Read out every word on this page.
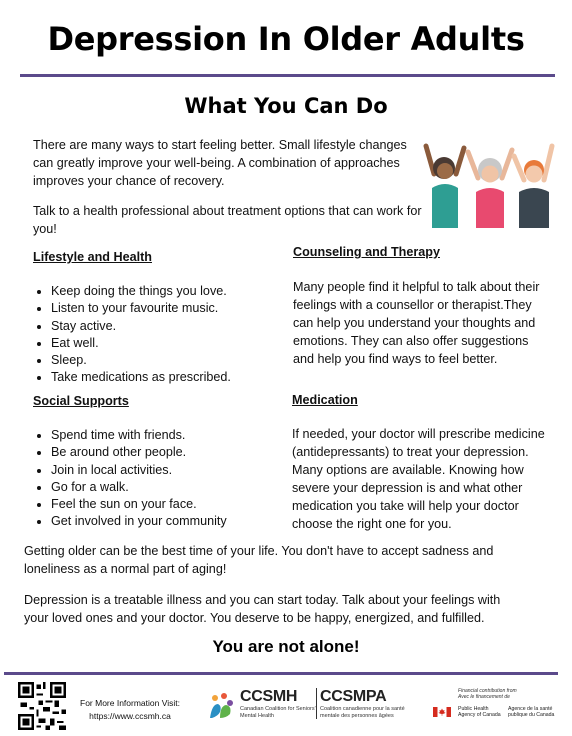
Depression In Older Adults
What You Can Do
There are many ways to start feeling better. Small lifestyle changes can greatly improve your well-being. A combination of approaches improves your chance of recovery.
Talk to a health professional about treatment options that can work for you!
Lifestyle and Health
Keep doing the things you love.
Listen to your favourite music.
Stay active.
Eat well.
Sleep.
Take medications as prescribed.
Counseling and Therapy
Many people find it helpful to talk about their feelings with a counsellor or therapist.They can help you understand your thoughts and emotions. They can also offer suggestions and help you find ways to feel better.
Social Supports
Spend time with friends.
Be around other people.
Join in local activities.
Go for a walk.
Feel the sun on your face.
Get involved in your community
Medication
If needed, your doctor will prescribe medicine (antidepressants) to treat your depression. Many options are available. Knowing how severe your depression is and what other medication you take will help your doctor choose the right one for you.
Getting older can be the best time of your life. You don't have to accept sadness and loneliness as a normal part of aging!
Depression is a treatable illness and you can start today. Talk about your feelings with your loved ones and your doctor. You deserve to be happy, energized, and fulfilled.
You are not alone!
For More Information Visit:
https://www.ccsmh.ca
CCSMH
Canadian Coalition for Seniors' Mental Health
CCSMPA
Coalition canadienne pour la santé mentale des personnes âgées
Financial contribution from
Avec le financement de
Public Health Agency of Canada
Agence de la santé publique du Canada
